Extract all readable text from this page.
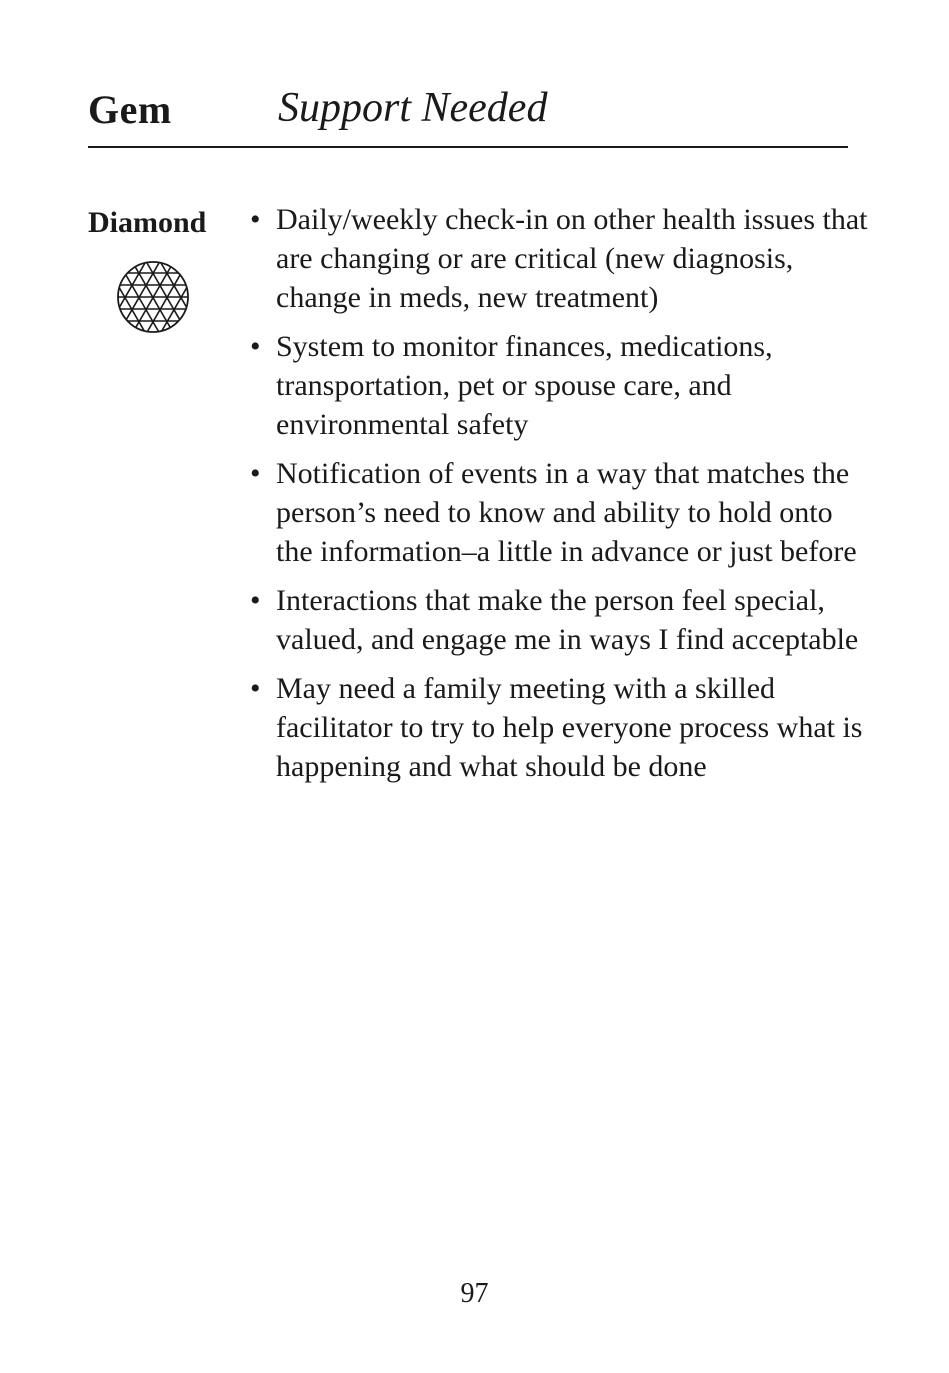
Gem	Support Needed
Diamond • Daily/weekly check-in on other health issues that are changing or are critical (new diagnosis, change in meds, new treatment)
• System to monitor finances, medications, transportation, pet or spouse care, and environmental safety
• Notification of events in a way that matches the person’s need to know and ability to hold onto the information–a little in advance or just before
• Interactions that make the person feel special, valued, and engage me in ways I find acceptable
• May need a family meeting with a skilled facilitator to try to help everyone process what is happening and what should be done
97
